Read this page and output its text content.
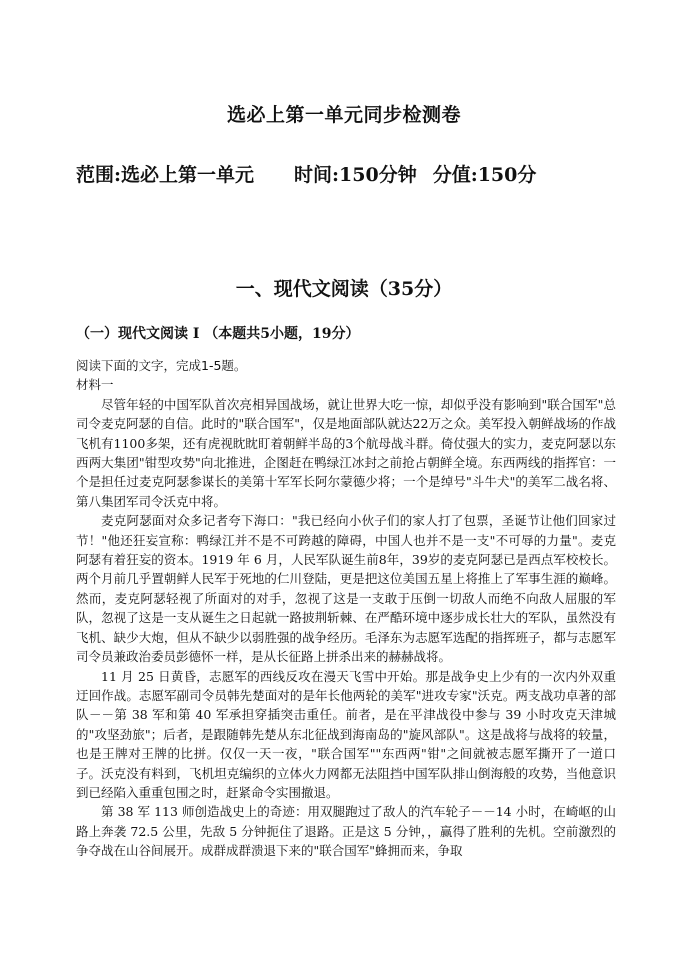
选必上第一单元同步检测卷
范围:选必上第一单元 时间:150分钟 分值:150分
一、现代文阅读（35分）
（一）现代文阅读 I （本题共5小题，19分）

阅读下面的文字，完成1-5题。

材料一

尽管年轻的中国军队首次亮相异国战场，就让世界大吃一惊，却似乎没有影响到"联合国军"总司令麦克阿瑟的自信。此时的"联合国军"，仅是地面部队就达22万之众。美军投入朝鲜战场的作战飞机有1100多架，还有虎视眈眈盯着朝鲜半岛的3个航母战斗群。倚仗强大的实力，麦克阿瑟以东西两大集团"钳型攻势"向北推进，企图赶在鸭绿江冰封之前抢占朝鲜全境。东西两线的指挥官：一个是担任过麦克阿瑟参谋长的美第十军军长阿尔蒙德少将；一个是绰号"斗牛犬"的美军二战名将、第八集团军司令沃克中将。

麦克阿瑟面对众多记者夸下海口："我已经向小伙子们的家人打了包票，圣诞节让他们回家过节！"他还狂妄宣称：鸭绿江并不是不可跨越的障碍，中国人也并不是一支"不可辱的力量"。麦克阿瑟有着狂妄的资本。1919 年 6 月，人民军队诞生前8年，39岁的麦克阿瑟已是西点军校校长。两个月前几乎置朝鲜人民军于死地的仁川登陆，更是把这位美国五星上将推上了军事生涯的巅峰。然而，麦克阿瑟轻视了所面对的对手，忽视了这是一支敢于压倒一切敌人而绝不向敌人屈服的军队，忽视了这是一支从诞生之日起就一路披荆斩棘、在严酷环境中逐步成长壮大的军队，虽然没有飞机、缺少大炮，但从不缺少以弱胜强的战争经历。毛泽东为志愿军选配的指挥班子，都与志愿军司令员兼政治委员彭德怀一样，是从长征路上拼杀出来的赫赫战将。

11 月 25 日黄昏，志愿军的西线反攻在漫天飞雪中开始。那是战争史上少有的一次内外双重迂回作战。志愿军副司令员韩先楚面对的是年长他两轮的美军"进攻专家"沃克。两支战功卓著的部队－－第 38 军和第 40 军承担穿插突击重任。前者，是在平津战役中参与 39 小时攻克天津城的"攻坚劲旅"；后者，是跟随韩先楚从东北征战到海南岛的"旋风部队"。这是战将与战将的较量，也是王牌对王牌的比拼。仅仅一天一夜，"联合国军""东西两"钳"之间就被志愿军撕开了一道口子。沃克没有料到，飞机坦克编织的立体火力网都无法阻挡中国军队排山倒海般的攻势，当他意识到已经陷入重重包围之时，赶紧命令实围撤退。

第 38 军 113 师创造战史上的奇迹：用双腿跑过了敌人的汽车轮子－－14 小时，在崎岖的山路上奔袭 72.5 公里，先敌 5 分钟扼住了退路。正是这 5 分钟，，赢得了胜利的先机。空前激烈的争夺战在山谷间展开。成群成群溃退下来的"联合国军"蜂拥而来，争取
